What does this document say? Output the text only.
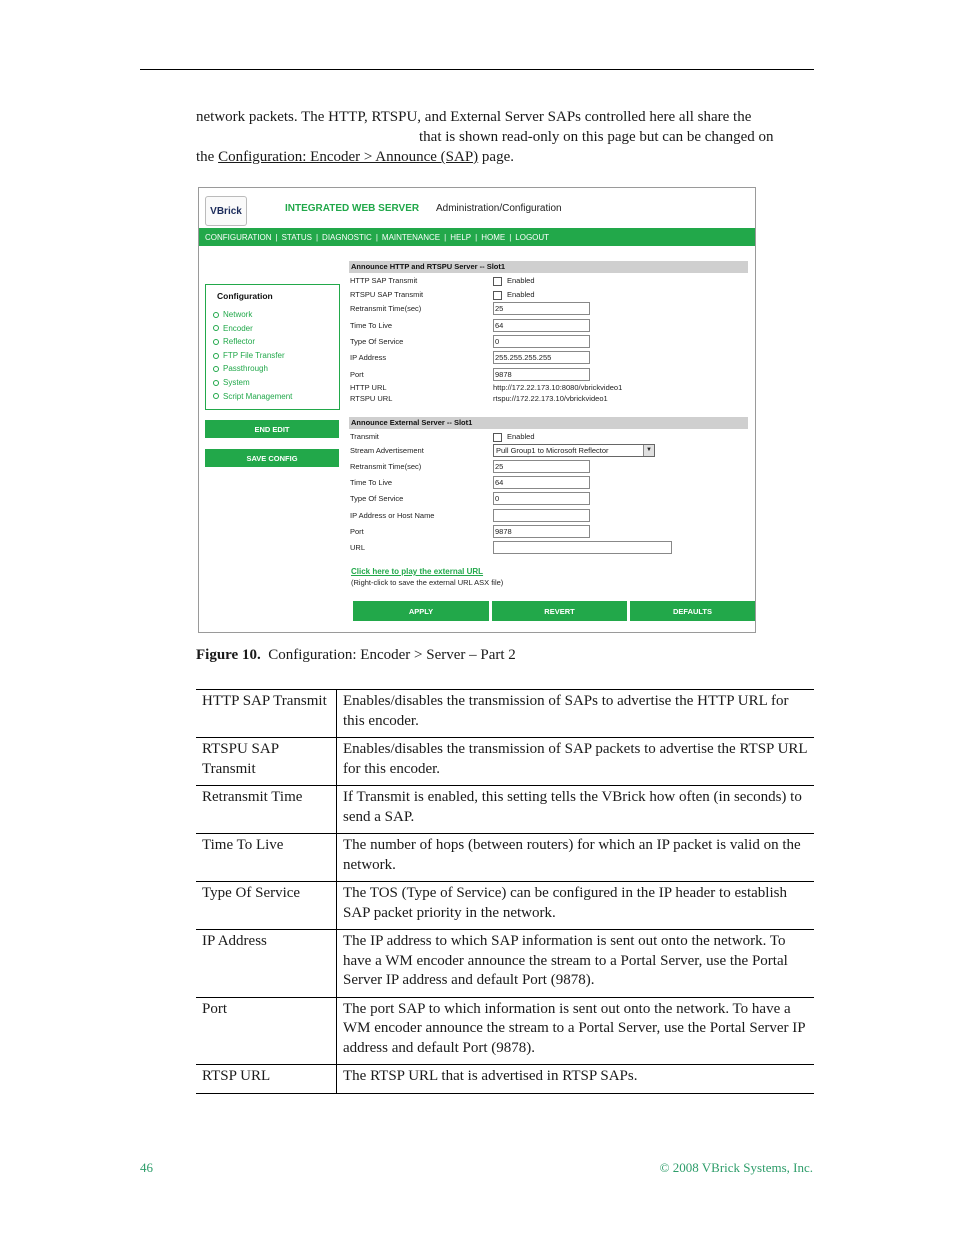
network packets. The HTTP, RTSPU, and External Server SAPs controlled here all share the
that is shown read-only on this page but can be changed on
the Configuration: Encoder > Announce (SAP) page.
VBrick	INTEGRATED WEB SERVER Administration/Configuration
CONFIGURATION | STATUS | DIAGNOSTIC | MAINTENANCE | HELP | HOME | LOGOUT
Configuration
Network
Encoder
Reflector
FTP File Transfer
Passthrough
System
Script Management
END EDIT
SAVE CONFIG
Announce HTTP and RTSPU Server -- Slot1
HTTP SAP Transmit	Enabled
RTSPU SAP Transmit	Enabled
Retransmit Time(sec)	25
Time To Live	64
Type Of Service	0
IP Address	255.255.255.255
Port	9878
HTTP URL	http://172.22.173.10:8080/vbrickvideo1
RTSPU URL	rtspu://172.22.173.10/vbrickvideo1
Announce External Server -- Slot1
Transmit	Enabled
Stream Advertisement	Pull Group1 to Microsoft Reflector	▼
Retransmit Time(sec)	25
Time To Live	64
Type Of Service	0
IP Address or Host Name
Port	9878
URL
Click here to play the external URL
(Right-click to save the external URL ASX file)
APPLY	REVERT	DEFAULTS
Figure 10. Configuration: Encoder > Server – Part 2
HTTP SAP Transmit	Enables/disables the transmission of SAPs to advertise the HTTP URL for this encoder.
RTSPU SAP Transmit	Enables/disables the transmission of SAP packets to advertise the RTSP URL for this encoder.
Retransmit Time	If Transmit is enabled, this setting tells the VBrick how often (in seconds) to send a SAP.
Time To Live	The number of hops (between routers) for which an IP packet is valid on the network.
Type Of Service	The TOS (Type of Service) can be configured in the IP header to establish SAP packet priority in the network.
IP Address	The IP address to which SAP information is sent out onto the network. To have a WM encoder announce the stream to a Portal Server, use the Portal Server IP address and default Port (9878).
Port	The port SAP to which information is sent out onto the network. To have a WM encoder announce the stream to a Portal Server, use the Portal Server IP address and default Port (9878).
RTSP URL	The RTSP URL that is advertised in RTSP SAPs.
46	© 2008 VBrick Systems, Inc.
